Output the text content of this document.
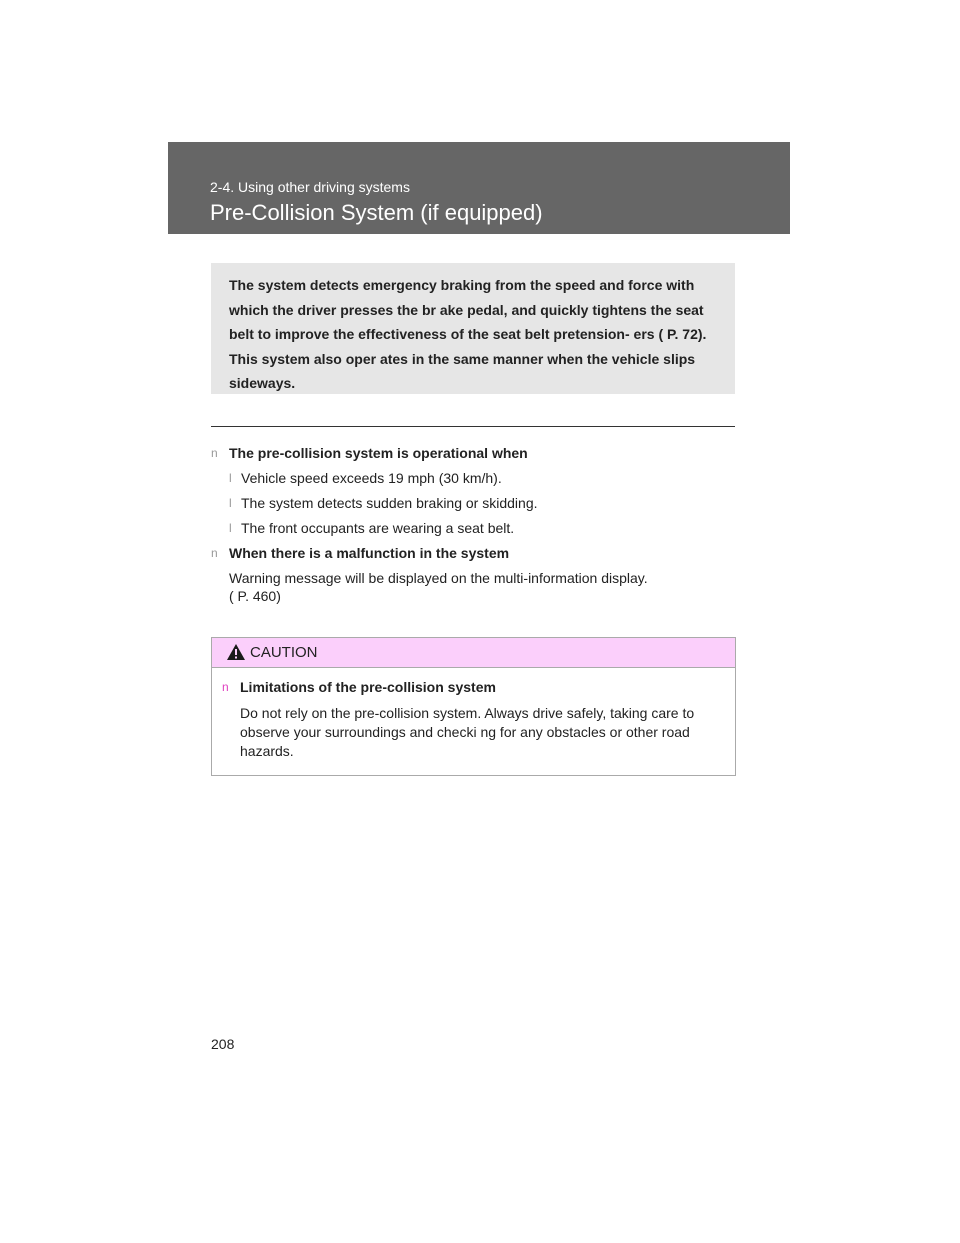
2-4. Using other driving systems
Pre-Collision System (if equipped)

The system detects emergency braking from the speed and force with which the driver presses the br ake pedal, and quickly tightens the seat belt to improve the effectiveness of the seat belt pretension- ers ( P. 72). This system also oper ates in the same manner when the vehicle slips sideways.

n The pre-collision system is operational when
l Vehicle speed exceeds 19 mph (30 km/h).
l The system detects sudden braking or skidding.
l The front occupants are wearing a seat belt.
n When there is a malfunction in the system
Warning message will be displayed on the multi-information display.
( P. 460)
CAUTION
n Limitations of the pre-collision system
Do not rely on the pre-collision system. Always drive safely, taking care to observe your surroundings and checki ng for any obstacles or other road hazards.
208
